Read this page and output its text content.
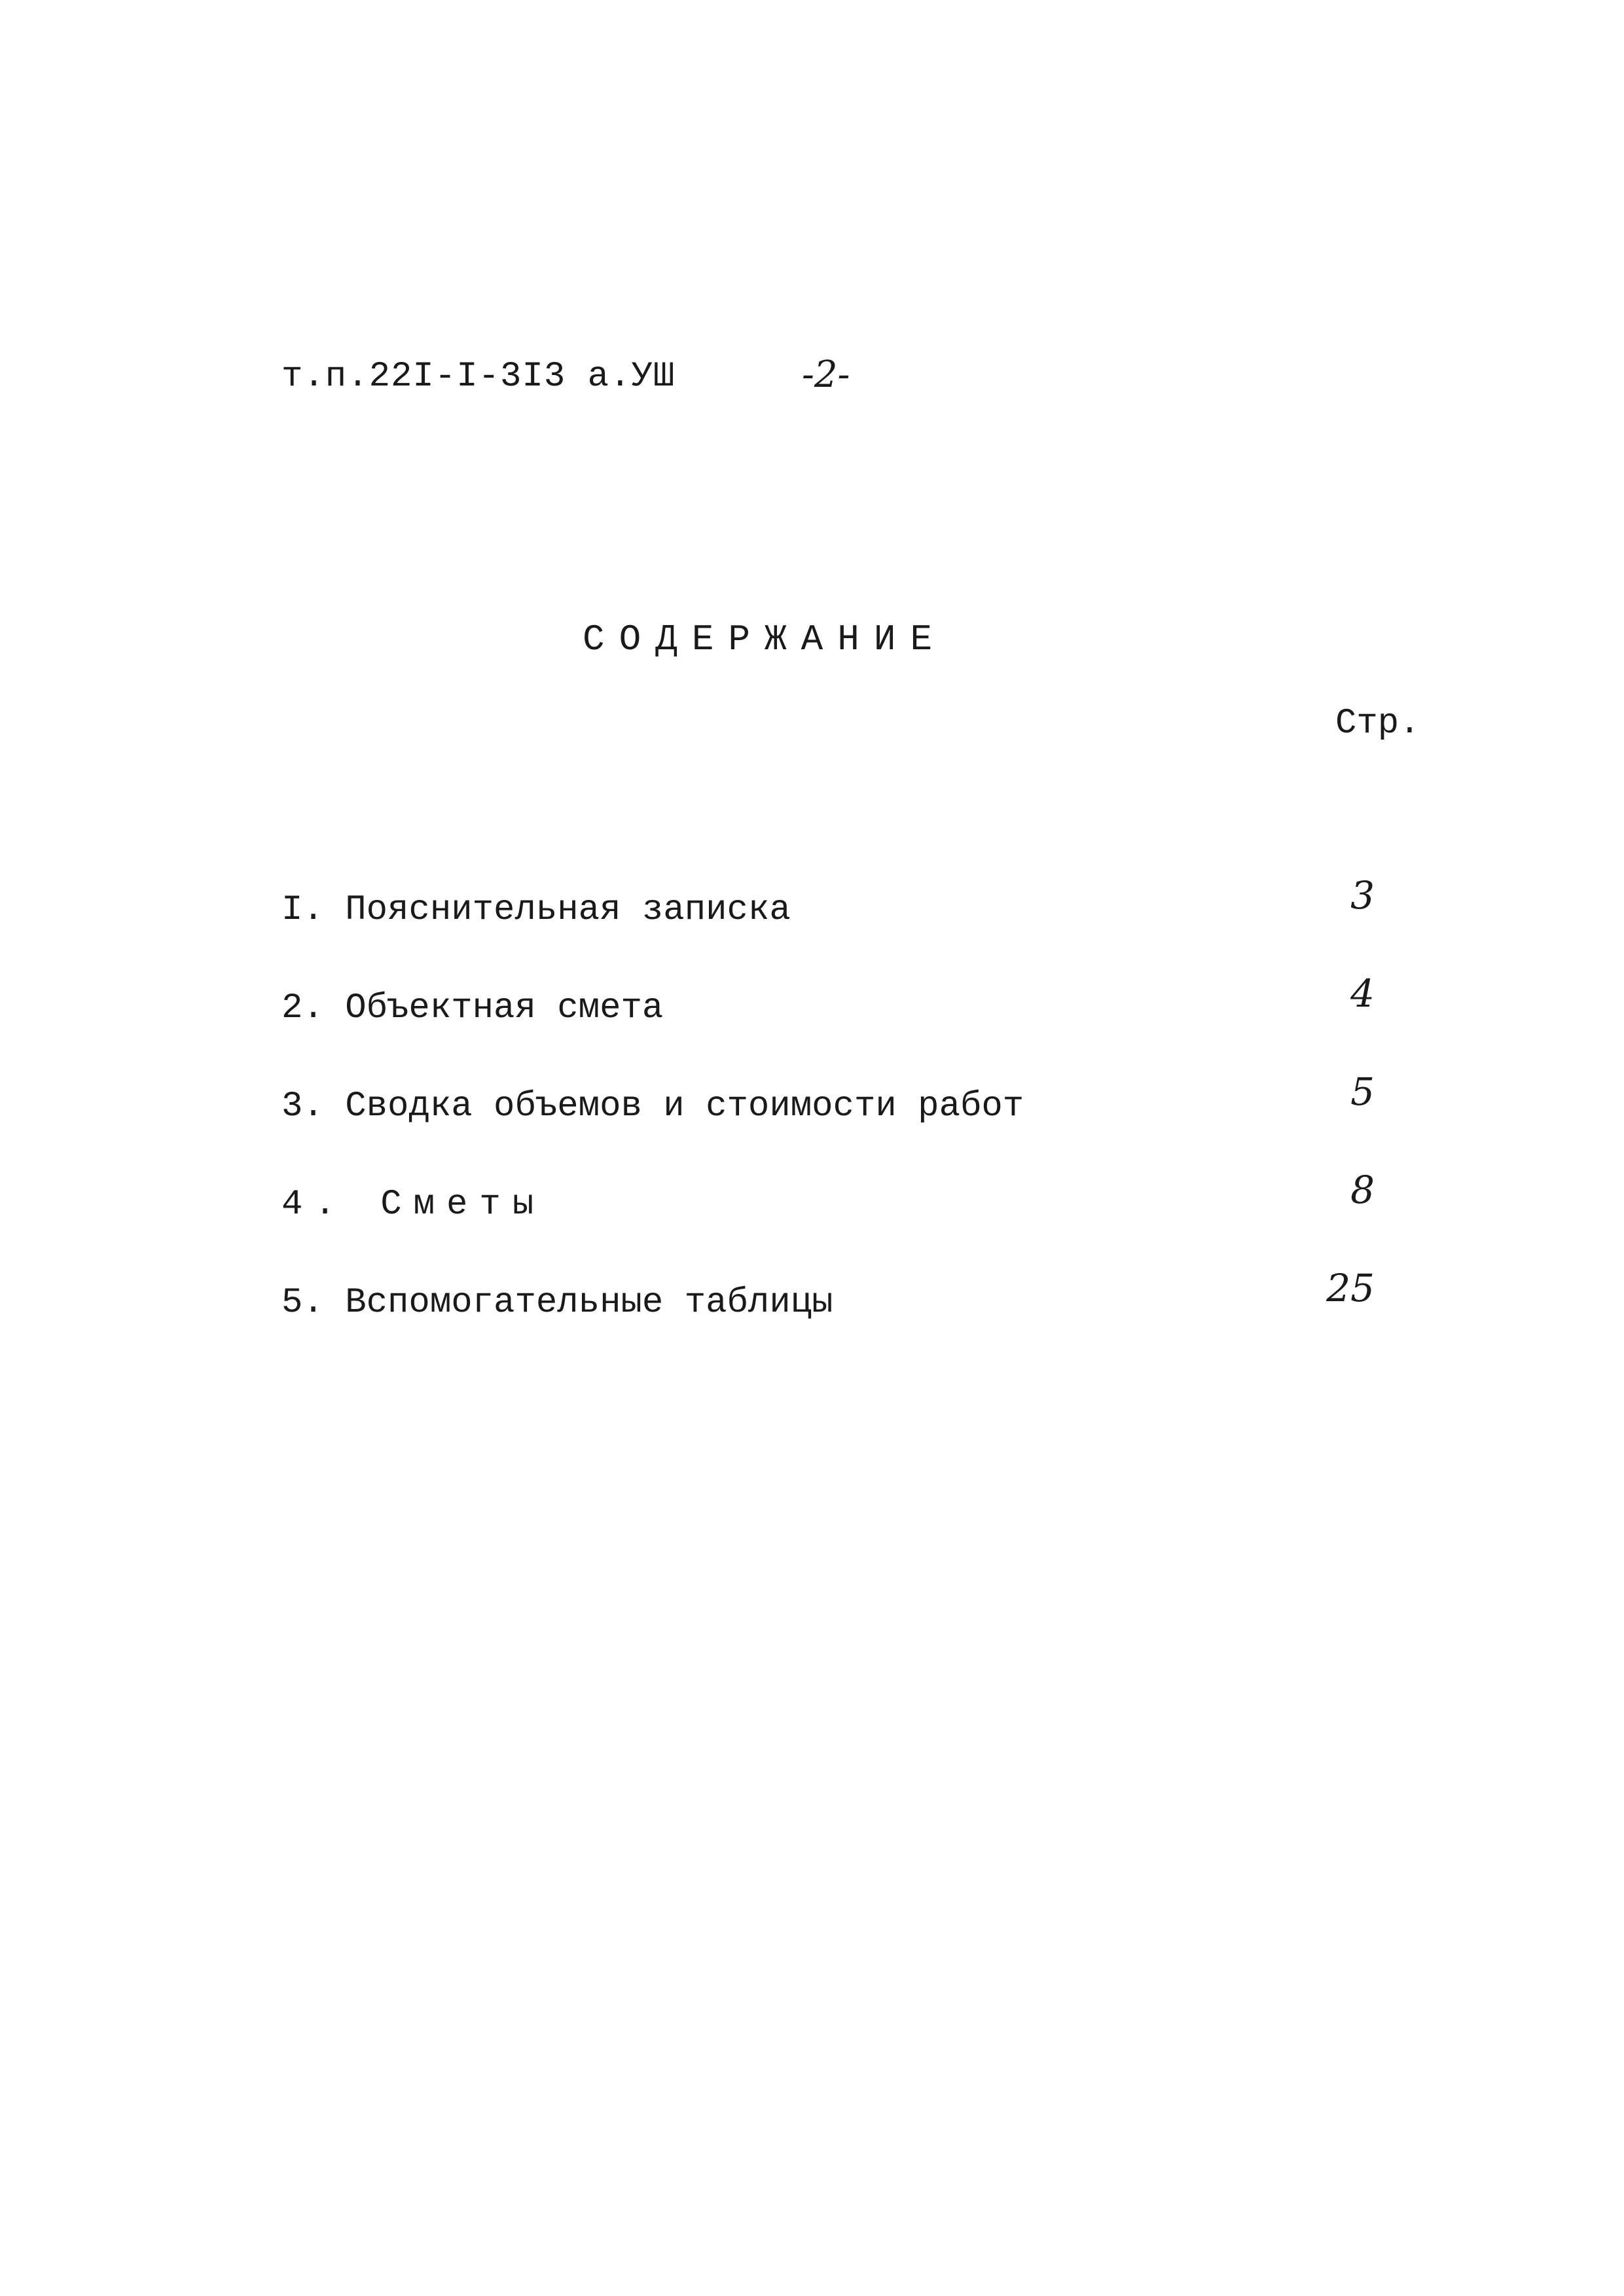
т.п.22I-I-3I3 а.УШ	-2-
СОДЕРЖАНИЕ
Стр.
I. Пояснительная записка	3
2. Объектная смета	4
3. Сводка объемов и стоимости работ	5
4. Сметы	8
5. Вспомогательные таблицы	25
